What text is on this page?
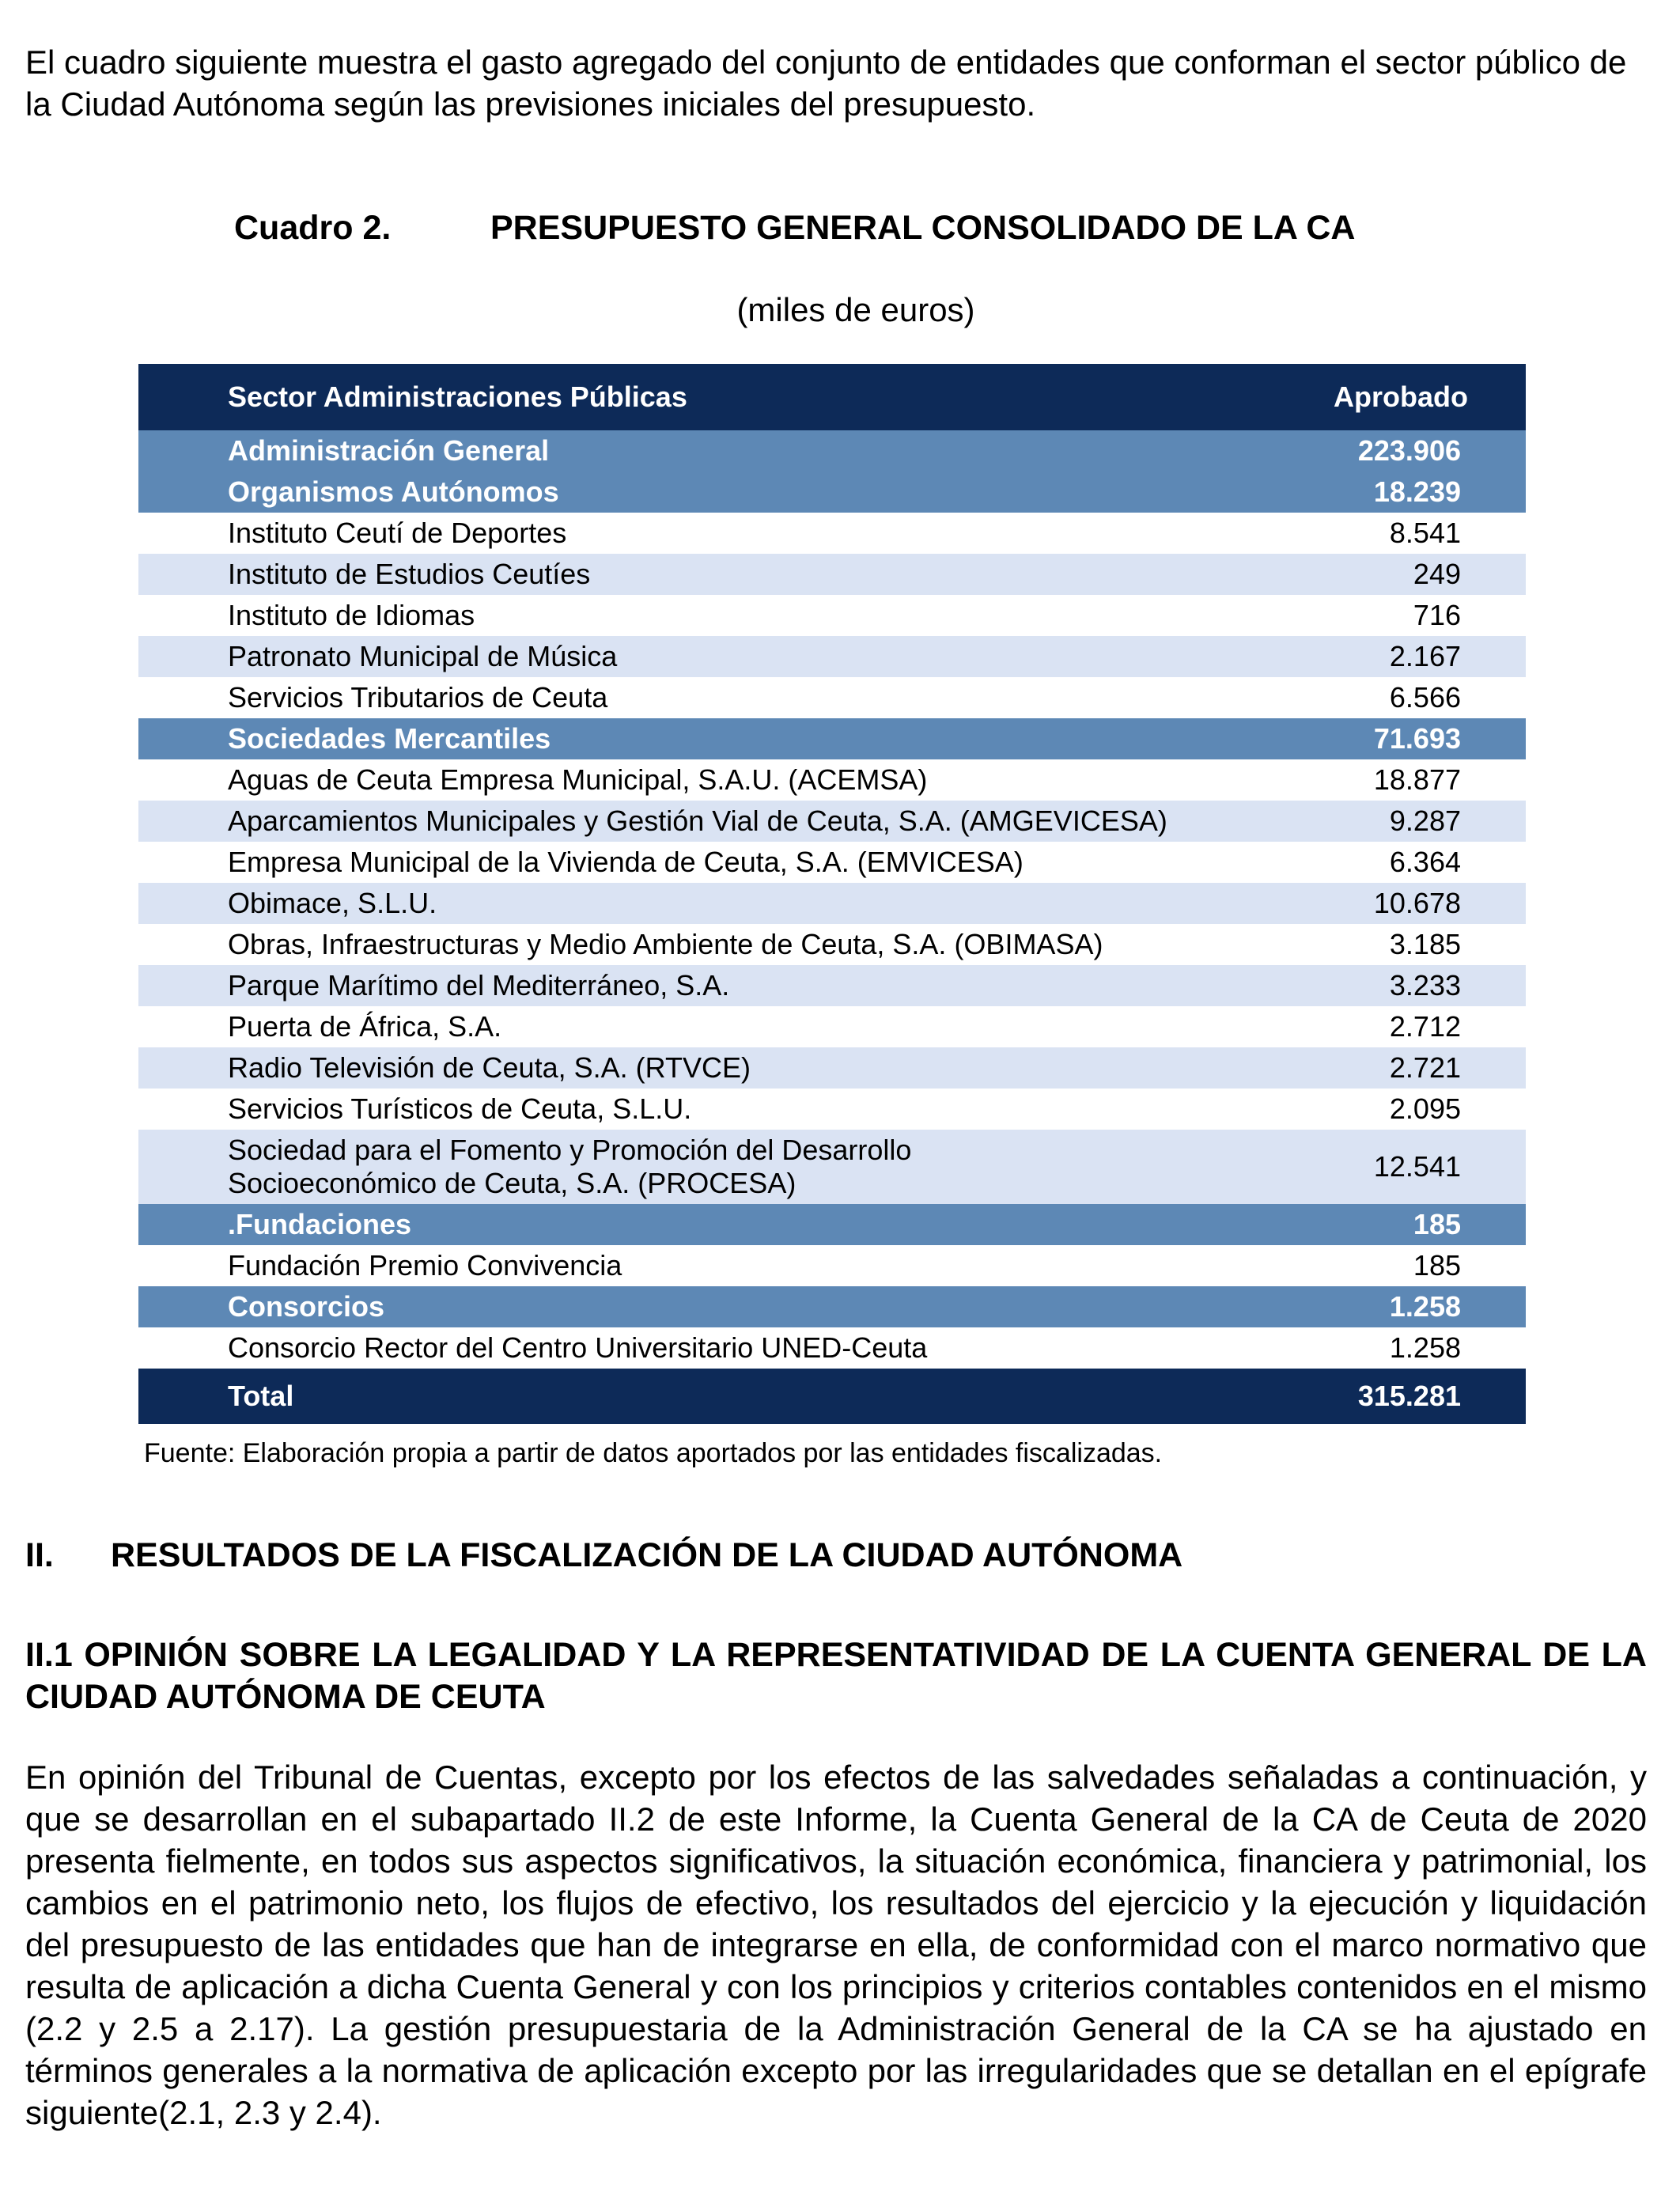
El cuadro siguiente muestra el gasto agregado del conjunto de entidades que conforman el sector público de la Ciudad Autónoma según las previsiones iniciales del presupuesto.

Cuadro 2.	PRESUPUESTO GENERAL CONSOLIDADO DE LA CA
(miles de euros)
Sector Administraciones Públicas	Aprobado
Administración General	223.906
Organismos Autónomos	18.239
Instituto Ceutí de Deportes	8.541
Instituto de Estudios Ceutíes	249
Instituto de Idiomas	716
Patronato Municipal de Música	2.167
Servicios Tributarios de Ceuta	6.566
Sociedades Mercantiles	71.693
Aguas de Ceuta Empresa Municipal, S.A.U. (ACEMSA)	18.877
Aparcamientos Municipales y Gestión Vial de Ceuta, S.A. (AMGEVICESA)	9.287
Empresa Municipal de la Vivienda de Ceuta, S.A. (EMVICESA)	6.364
Obimace, S.L.U.	10.678
Obras, Infraestructuras y Medio Ambiente de Ceuta, S.A. (OBIMASA)	3.185
Parque Marítimo del Mediterráneo, S.A.	3.233
Puerta de África, S.A.	2.712
Radio Televisión de Ceuta, S.A. (RTVCE)	2.721
Servicios Turísticos de Ceuta, S.L.U.	2.095
Sociedad para el Fomento y Promoción del Desarrollo Socioeconómico de Ceuta, S.A. (PROCESA)	12.541
.Fundaciones	185
Fundación Premio Convivencia	185
Consorcios	1.258
Consorcio Rector del Centro Universitario UNED-Ceuta	1.258
Total	315.281
Fuente: Elaboración propia a partir de datos aportados por las entidades fiscalizadas.
II. RESULTADOS DE LA FISCALIZACIÓN DE LA CIUDAD AUTÓNOMA

II.1 OPINIÓN SOBRE LA LEGALIDAD Y LA REPRESENTATIVIDAD DE LA CUENTA GENERAL DE LA CIUDAD AUTÓNOMA DE CEUTA

En opinión del Tribunal de Cuentas, excepto por los efectos de las salvedades señaladas a continuación, y que se desarrollan en el subapartado II.2 de este Informe, la Cuenta General de la CA de Ceuta de 2020 presenta fielmente, en todos sus aspectos significativos, la situación económica, financiera y patrimonial, los cambios en el patrimonio neto, los flujos de efectivo, los resultados del ejercicio y la ejecución y liquidación del presupuesto de las entidades que han de integrarse en ella, de conformidad con el marco normativo que resulta de aplicación a dicha Cuenta General y con los principios y criterios contables contenidos en el mismo (2.2 y 2.5 a 2.17). La gestión presupuestaria de la Administración General de la CA se ha ajustado en términos generales a la normativa de aplicación excepto por las irregularidades que se detallan en el epígrafe siguiente(2.1, 2.3 y 2.4).
